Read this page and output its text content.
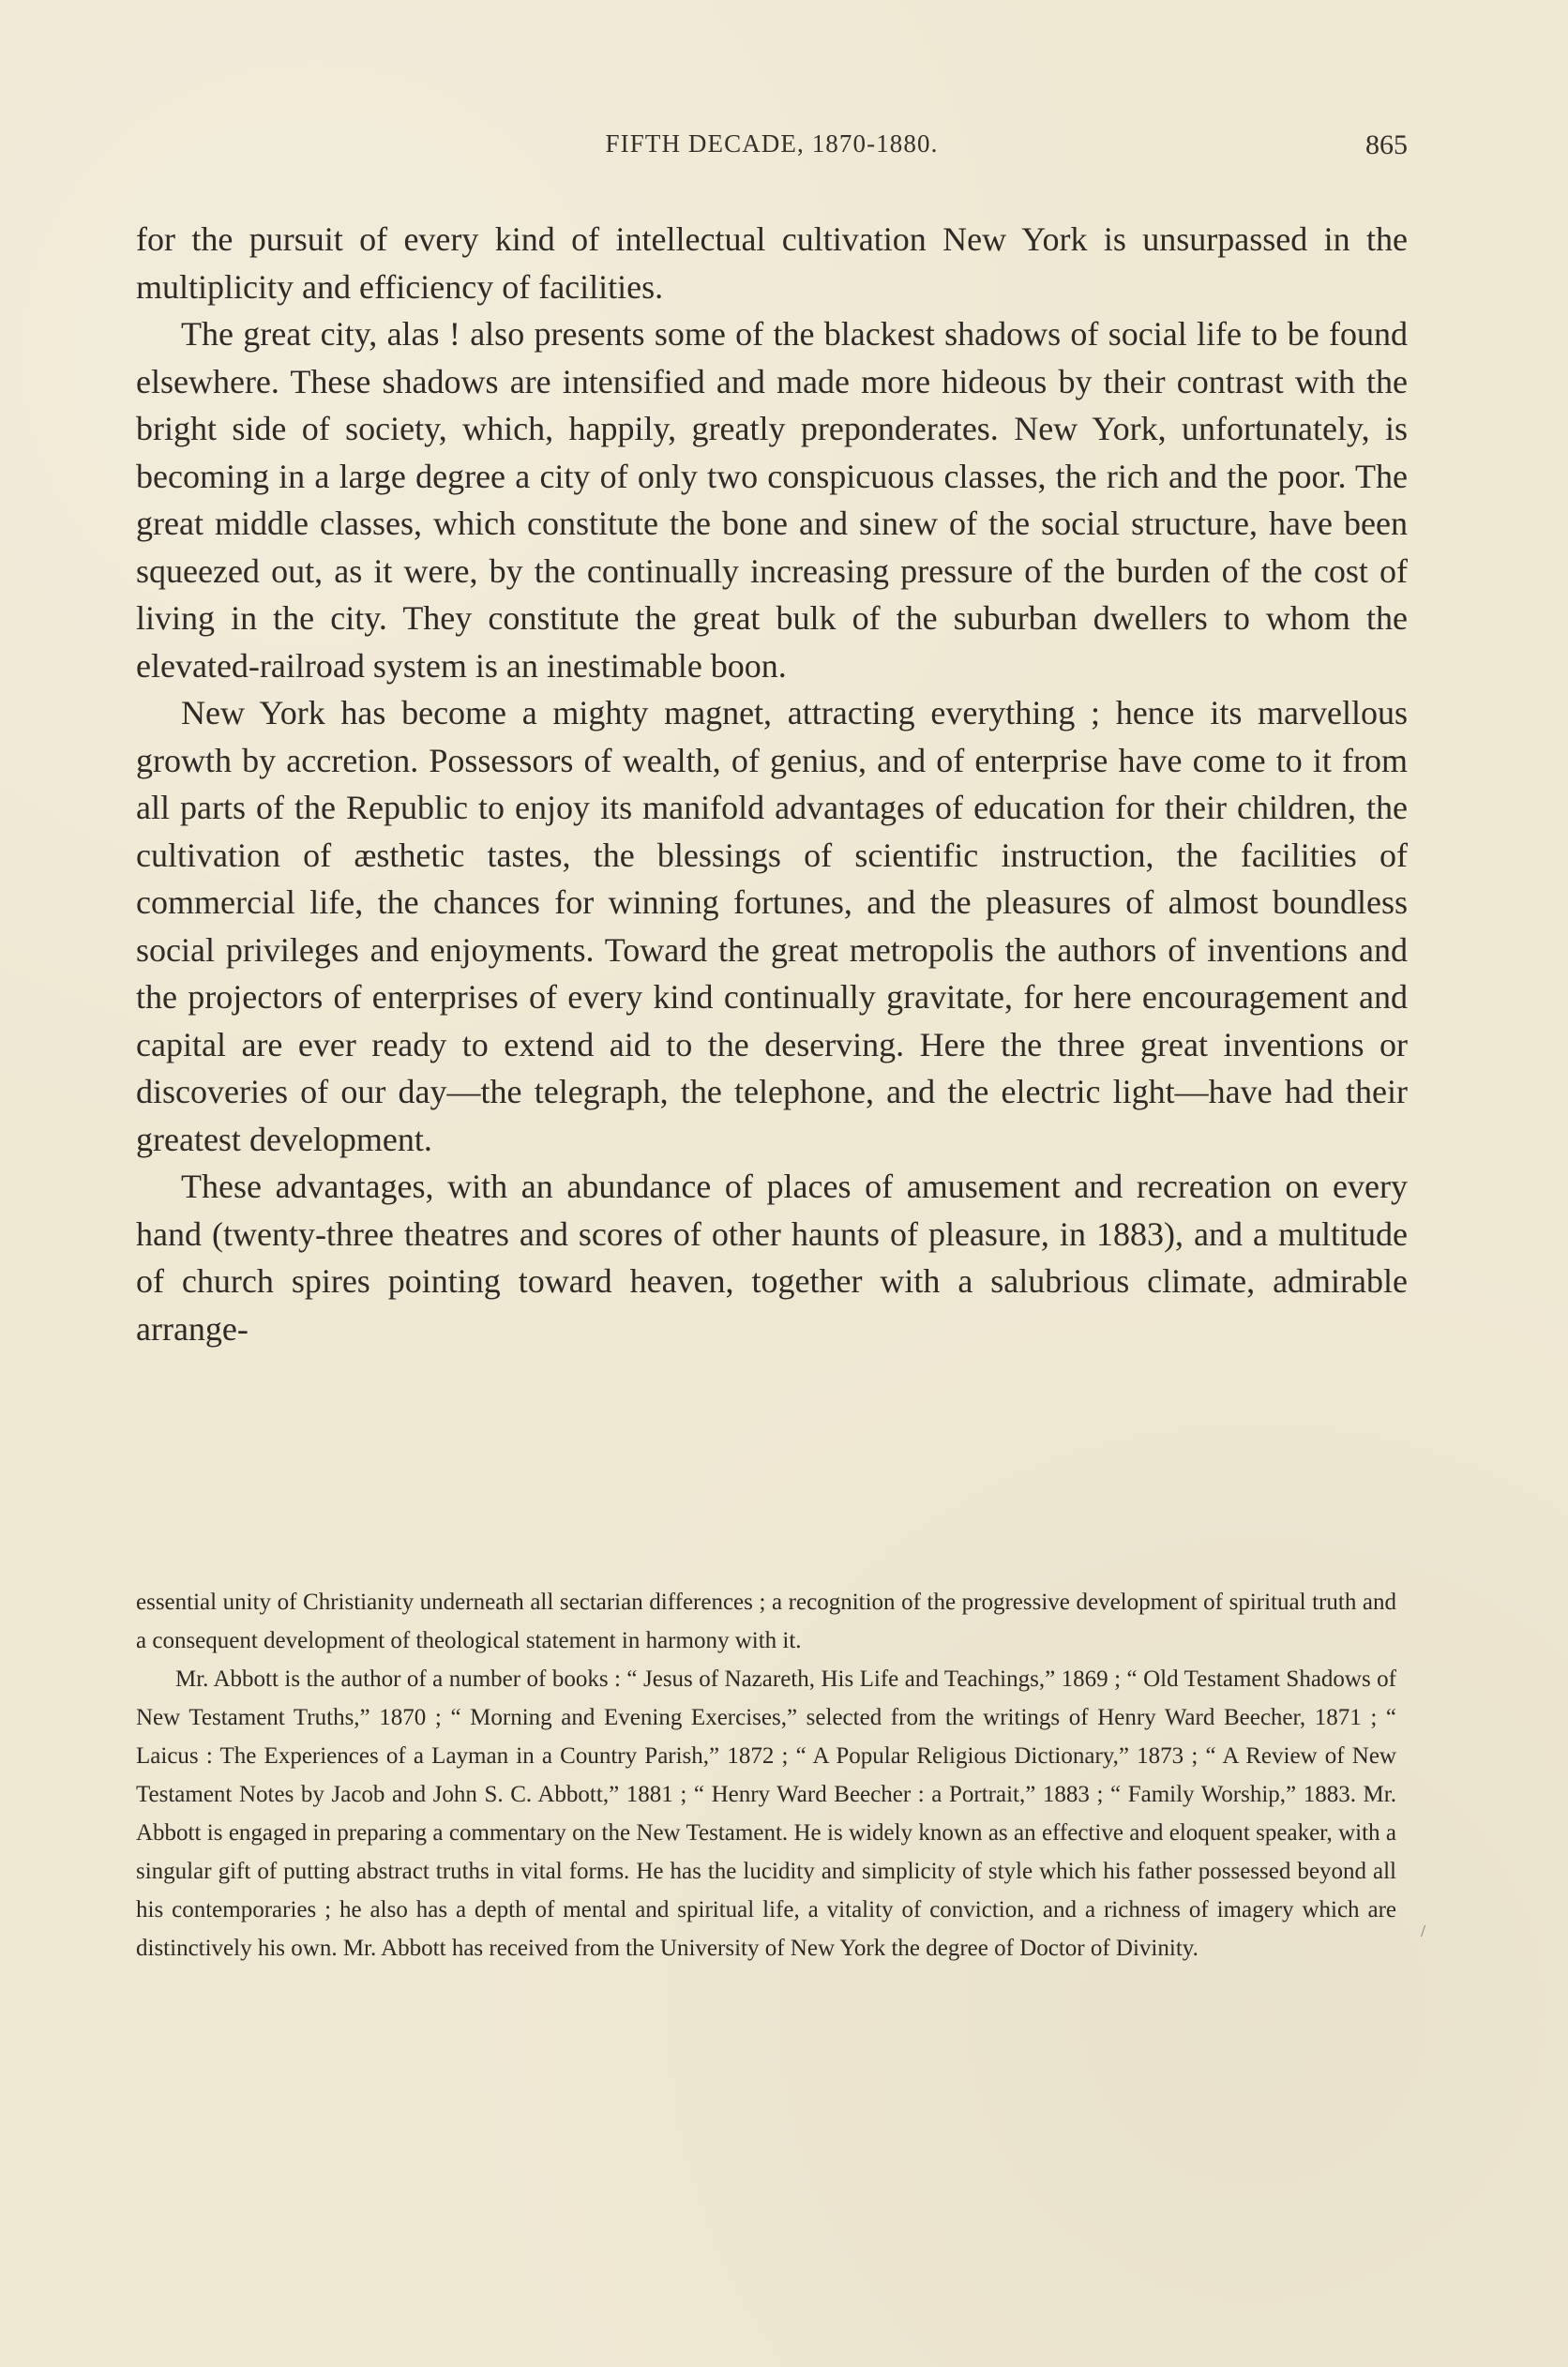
FIFTH DECADE, 1870-1880.	865

for the pursuit of every kind of intellectual cultivation New York is unsurpassed in the multiplicity and efficiency of facilities.

The great city, alas ! also presents some of the blackest shadows of social life to be found elsewhere. These shadows are intensified and made more hideous by their contrast with the bright side of society, which, happily, greatly preponderates. New York, unfortunately, is becoming in a large degree a city of only two conspicuous classes, the rich and the poor. The great middle classes, which constitute the bone and sinew of the social structure, have been squeezed out, as it were, by the continually increasing pressure of the burden of the cost of living in the city. They constitute the great bulk of the suburban dwellers to whom the elevated-railroad system is an inestimable boon.

New York has become a mighty magnet, attracting everything ; hence its marvellous growth by accretion. Possessors of wealth, of genius, and of enterprise have come to it from all parts of the Republic to enjoy its manifold advantages of education for their children, the cultivation of æsthetic tastes, the blessings of scientific instruction, the facilities of commercial life, the chances for winning fortunes, and the pleasures of almost boundless social privileges and enjoyments. Toward the great metropolis the authors of inventions and the projectors of enterprises of every kind continually gravitate, for here encouragement and capital are ever ready to extend aid to the deserving. Here the three great inventions or discoveries of our day—the telegraph, the telephone, and the electric light—have had their greatest development.

These advantages, with an abundance of places of amusement and recreation on every hand (twenty-three theatres and scores of other haunts of pleasure, in 1883), and a multitude of church spires pointing toward heaven, together with a salubrious climate, admirable arrange-

essential unity of Christianity underneath all sectarian differences ; a recognition of the progressive development of spiritual truth and a consequent development of theological statement in harmony with it.

Mr. Abbott is the author of a number of books : “ Jesus of Nazareth, His Life and Teachings,” 1869 ; “ Old Testament Shadows of New Testament Truths,” 1870 ; “ Morning and Evening Exercises,” selected from the writings of Henry Ward Beecher, 1871 ; “ Laicus : The Experiences of a Layman in a Country Parish,” 1872 ; “ A Popular Religious Dictionary,” 1873 ; “ A Review of New Testament Notes by Jacob and John S. C. Abbott,” 1881 ; “ Henry Ward Beecher : a Portrait,” 1883 ; “ Family Worship,” 1883. Mr. Abbott is engaged in preparing a commentary on the New Testament. He is widely known as an effective and eloquent speaker, with a singular gift of putting abstract truths in vital forms. He has the lucidity and simplicity of style which his father possessed beyond all his contemporaries ; he also has a depth of mental and spiritual life, a vitality of conviction, and a richness of imagery which are distinctively his own. Mr. Abbott has received from the University of New York the degree of Doctor of Divinity.

/
